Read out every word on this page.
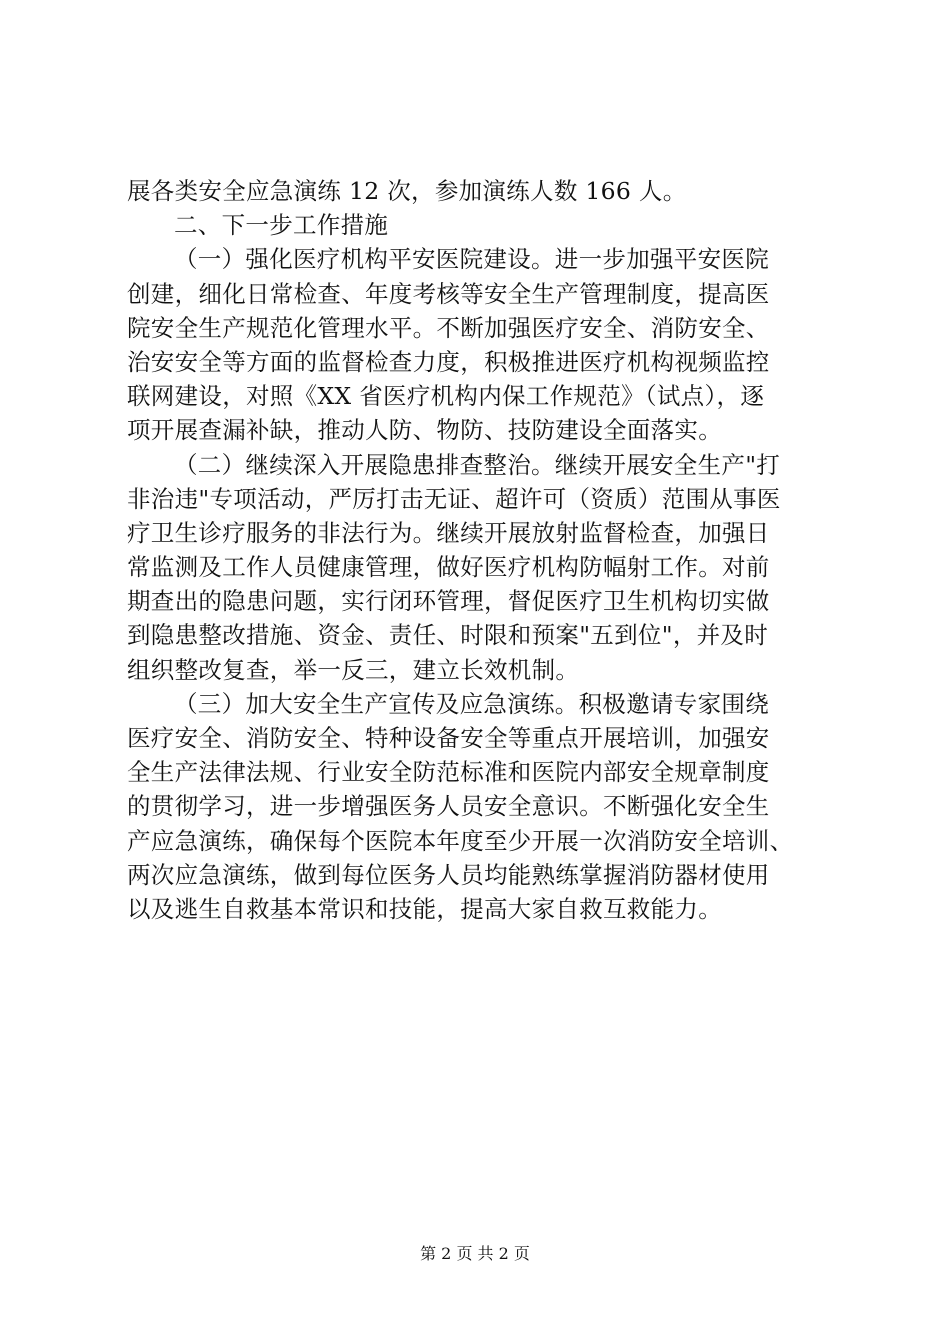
展各类安全应急演练 12 次，参加演练人数 166 人。
二、下一步工作措施
（一）强化医疗机构平安医院建设。进一步加强平安医院
创建，细化日常检查、年度考核等安全生产管理制度，提高医
院安全生产规范化管理水平。不断加强医疗安全、消防安全、
治安安全等方面的监督检查力度，积极推进医疗机构视频监控
联网建设，对照《XX 省医疗机构内保工作规范》（试点），逐
项开展查漏补缺，推动人防、物防、技防建设全面落实。
（二）继续深入开展隐患排查整治。继续开展安全生产"打
非治违"专项活动，严厉打击无证、超许可（资质）范围从事医
疗卫生诊疗服务的非法行为。继续开展放射监督检查，加强日
常监测及工作人员健康管理，做好医疗机构防幅射工作。对前
期查出的隐患问题，实行闭环管理，督促医疗卫生机构切实做
到隐患整改措施、资金、责任、时限和预案"五到位"，并及时
组织整改复查，举一反三，建立长效机制。
（三）加大安全生产宣传及应急演练。积极邀请专家围绕
医疗安全、消防安全、特种设备安全等重点开展培训，加强安
全生产法律法规、行业安全防范标准和医院内部安全规章制度
的贯彻学习，进一步增强医务人员安全意识。不断强化安全生
产应急演练，确保每个医院本年度至少开展一次消防安全培训、
两次应急演练，做到每位医务人员均能熟练掌握消防器材使用
以及逃生自救基本常识和技能，提高大家自救互救能力。
第 2 页 共 2 页
